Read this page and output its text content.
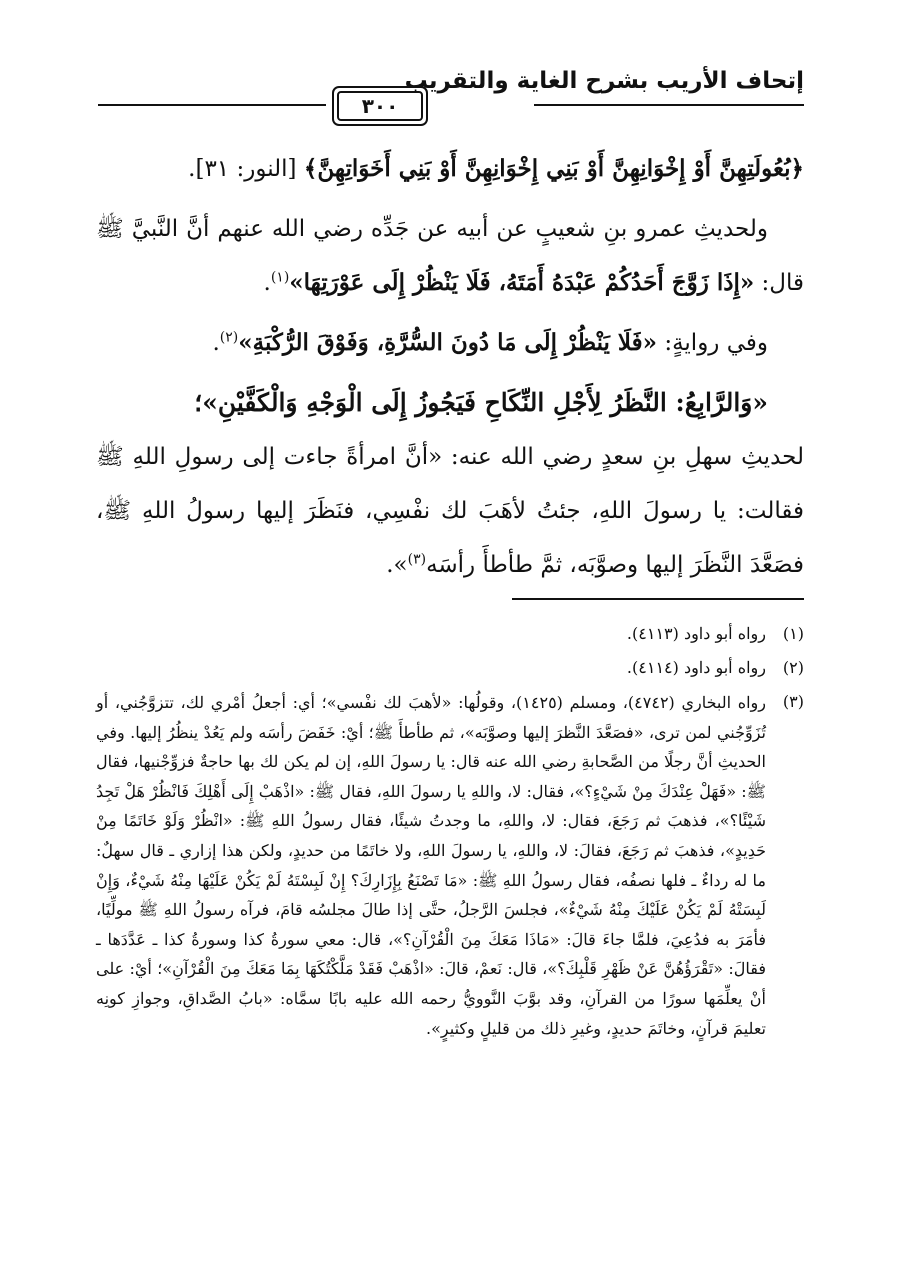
إتحاف الأريب بشرح الغاية والتقريب
٣٠٠

﴿بُعُولَتِهِنَّ أَوْ إِخْوَانِهِنَّ أَوْ بَنِي إِخْوَانِهِنَّ أَوْ بَنِي أَخَوَاتِهِنَّ﴾ [النور: ٣١].

ولحديثِ عمرو بنِ شعيبٍ عن أبيه عن جَدِّه رضي الله عنهم أنَّ النَّبيَّ ﷺ قال: «إِذَا زَوَّجَ أَحَدُكُمْ عَبْدَهُ أَمَتَهُ، فَلَا يَنْظُرْ إِلَى عَوْرَتِهَا»$^{(١)}$.

وفي روايةٍ: «فَلَا يَنْظُرْ إِلَى مَا دُونَ السُّرَّةِ، وَفَوْقَ الرُّكْبَةِ»$^{(٢)}$.

«وَالرَّابِعُ: النَّظَرُ لِأَجْلِ النِّكَاحِ فَيَجُوزُ إِلَى الْوَجْهِ وَالْكَفَّيْنِ»؛

لحديثِ سهلِ بنِ سعدٍ رضي الله عنه: «أنَّ امرأةً جاءت إلى رسولِ اللهِ ﷺ فقالت: يا رسولَ اللهِ، جئتُ لأهَبَ لك نفْسِي، فنَظَرَ إليها رسولُ اللهِ ﷺ، فصَعَّدَ النَّظَرَ إليها وصوَّبَه، ثمَّ طأطأَ رأسَه$^{(٣)}$».

(١)
رواه أبو داود (٤١١٣).
(٢)
رواه أبو داود (٤١١٤).
(٣)
رواه البخاري (٤٧٤٢)، ومسلم (١٤٢٥)، وقولُها: «لأهبَ لك نفْسي»؛ أي: أجعلُ أمْري لك، تتزوَّجُني، أو تُزَوِّجُني لمن ترى، «فصَعَّدَ النَّظرَ إليها وصوَّبَه»، ثم طأطأَ ﷺ؛ أيْ: خَفَضَ رأسَه ولم يَعُدْ ينظُرُ إليها. وفي الحديثِ أنَّ رجلًا من الصَّحابةِ رضي الله عنه قال: يا رسولَ اللهِ، إن لم يكن لك بها حاجةٌ فزوِّجْنيها، فقال ﷺ: «فَهَلْ عِنْدَكَ مِنْ شَيْءٍ؟»، فقال: لا، واللهِ يا رسولَ اللهِ، فقال ﷺ: «اذْهَبْ إِلَى أَهْلِكَ فَانْظُرْ هَلْ تَجِدُ شَيْئًا؟»، فذهبَ ثم رَجَعَ، فقال: لا، واللهِ، ما وجدتُ شيئًا، فقال رسولُ اللهِ ﷺ: «انْظُرْ وَلَوْ خَاتَمًا مِنْ حَدِيدٍ»، فذهبَ ثم رَجَعَ، فقالَ: لا، واللهِ، يا رسولَ اللهِ، ولا خاتَمًا من حديدٍ، ولكن هذا إزاري ـ قال سهلٌ: ما له رداءٌ ـ فلها نصفُه، فقال رسولُ اللهِ ﷺ: «مَا تَصْنَعُ بِإِزَارِكَ؟ إِنْ لَبِسْتَهُ لَمْ يَكُنْ عَلَيْهَا مِنْهُ شَيْءٌ، وَإِنْ لَبِسَتْهُ لَمْ يَكُنْ عَلَيْكَ مِنْهُ شَيْءٌ»، فجلسَ الرَّجلُ، حتَّى إذا طالَ مجلسُه قامَ، فرآه رسولُ اللهِ ﷺ مولِّيًا، فأمَرَ به فدُعِيَ، فلمَّا جاءَ قالَ: «مَاذَا مَعَكَ مِنَ الْقُرْآنِ؟»، قال: معي سورةُ كذا وسورةُ كذا ـ عَدَّدَها ـ فقالَ: «تَقْرَؤُهُنَّ عَنْ ظَهْرِ قَلْبِكَ؟»، قال: نَعمْ، قالَ: «اذْهَبْ فَقَدْ مَلَّكْتُكَهَا بِمَا مَعَكَ مِنَ الْقُرْآنِ»؛ أيْ: على أنْ يعلِّمَها سورًا من القرآنِ، وقد بوَّبَ النَّوويُّ رحمه الله عليه بابًا سمَّاه: «بابُ الصَّداقِ، وجوازِ كونِه تعليمَ قرآنٍ، وخاتَمَ حديدٍ، وغيرِ ذلك من قليلٍ وكثيرٍ».
